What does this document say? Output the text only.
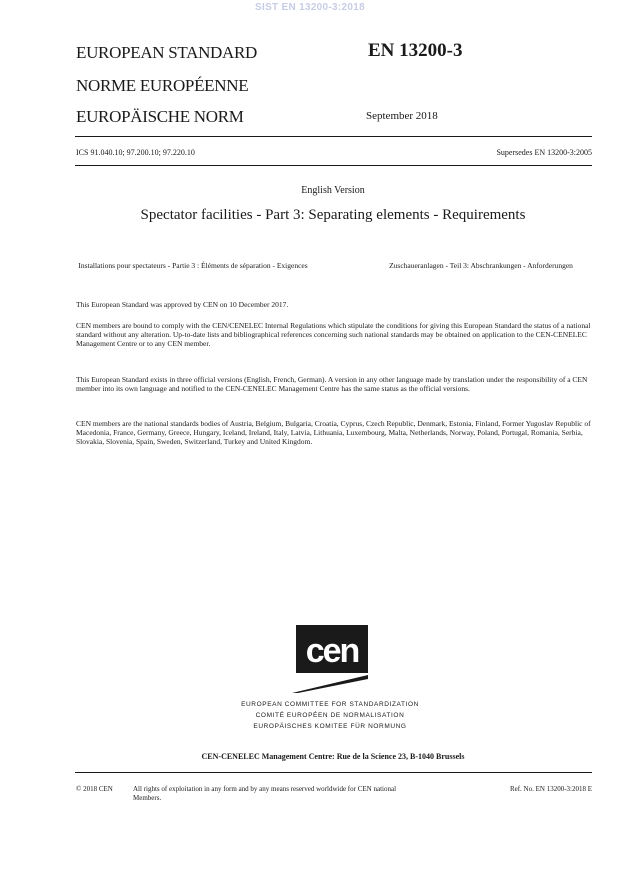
SIST EN 13200-3:2018
EUROPEAN STANDARD
NORME EUROPÉENNE
EUROPÄISCHE NORM
EN 13200-3
September 2018
ICS 91.040.10; 97.200.10; 97.220.10	Supersedes EN 13200-3:2005
English Version
Spectator facilities - Part 3: Separating elements - Requirements
Installations pour spectateurs - Partie 3 : Éléments de séparation - Exigences	Zuschaueranlagen - Teil 3: Abschrankungen - Anforderungen
This European Standard was approved by CEN on 10 December 2017.
CEN members are bound to comply with the CEN/CENELEC Internal Regulations which stipulate the conditions for giving this European Standard the status of a national standard without any alteration. Up-to-date lists and bibliographical references concerning such national standards may be obtained on application to the CEN-CENELEC Management Centre or to any CEN member.
This European Standard exists in three official versions (English, French, German). A version in any other language made by translation under the responsibility of a CEN member into its own language and notified to the CEN-CENELEC Management Centre has the same status as the official versions.
CEN members are the national standards bodies of Austria, Belgium, Bulgaria, Croatia, Cyprus, Czech Republic, Denmark, Estonia, Finland, Former Yugoslav Republic of Macedonia, France, Germany, Greece, Hungary, Iceland, Ireland, Italy, Latvia, Lithuania, Luxembourg, Malta, Netherlands, Norway, Poland, Portugal, Romania, Serbia, Slovakia, Slovenia, Spain, Sweden, Switzerland, Turkey and United Kingdom.
cen
EUROPEAN COMMITTEE FOR STANDARDIZATION
COMITÉ EUROPÉEN DE NORMALISATION
EUROPÄISCHES KOMITEE FÜR NORMUNG
CEN-CENELEC Management Centre: Rue de la Science 23, B-1040 Brussels
© 2018 CEN	All rights of exploitation in any form and by any means reserved worldwide for CEN national Members.
Ref. No. EN 13200-3:2018 E
